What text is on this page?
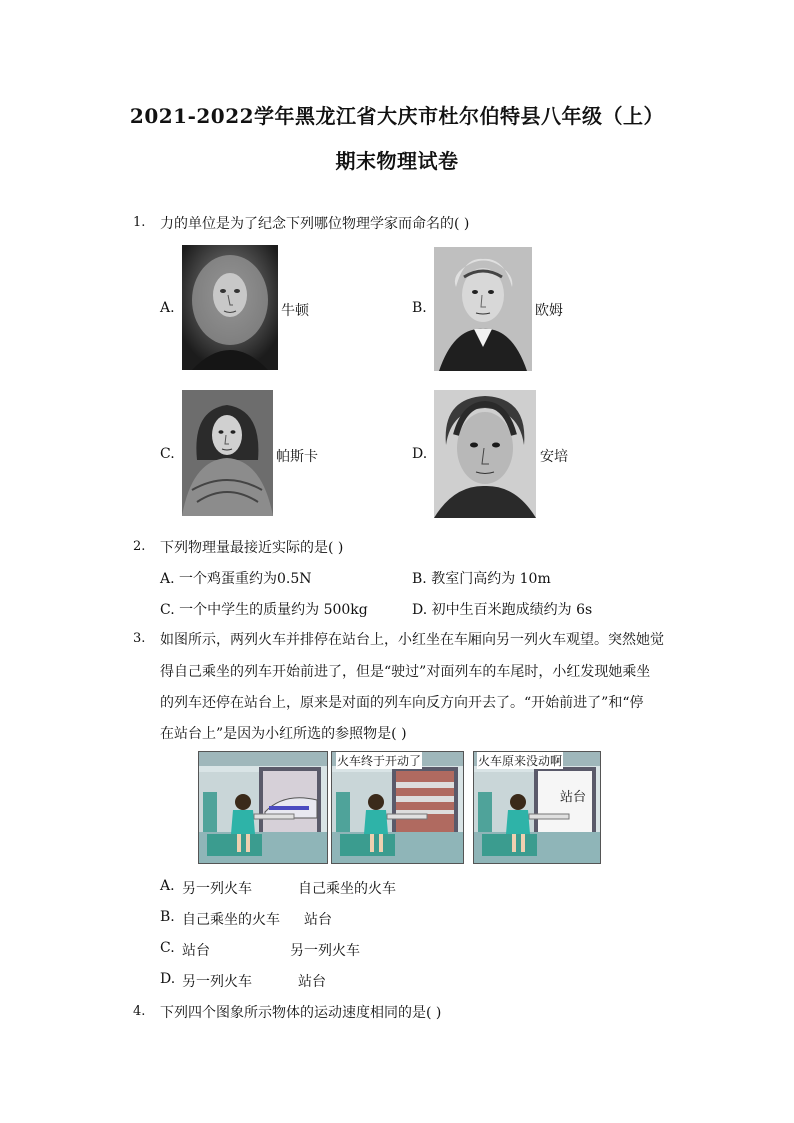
2021-2022学年黑龙江省大庆市杜尔伯特县八年级（上）
期末物理试卷
1. 力的单位是为了纪念下列哪位物理学家而命名的( )
A.	牛顿	B.	欧姆
C.	帕斯卡	D.	安培
2. 下列物理量最接近实际的是( )
A. 一个鸡蛋重约为0.5N	B. 教室门高约为 10m
C. 一个中学生的质量约为 500kg	D. 初中生百米跑成绩约为 6s
3. 如图所示，两列火车并排停在站台上，小红坐在车厢向另一列火车观望。突然她觉
得自己乘坐的列车开始前进了，但是“驶过”对面列车的车尾时，小红发现她乘坐
的列车还停在站台上，原来是对面的列车向反方向开去了。“开始前进了”和“停
在站台上”是因为小红所选的参照物是( )
火车终于开动了	火车原来没动啊
站台
A. 另一列火车	自己乘坐的火车
B. 自己乘坐的火车 站台
C. 站台	另一列火车
D. 另一列火车	站台
4. 下列四个图象所示物体的运动速度相同的是( )
